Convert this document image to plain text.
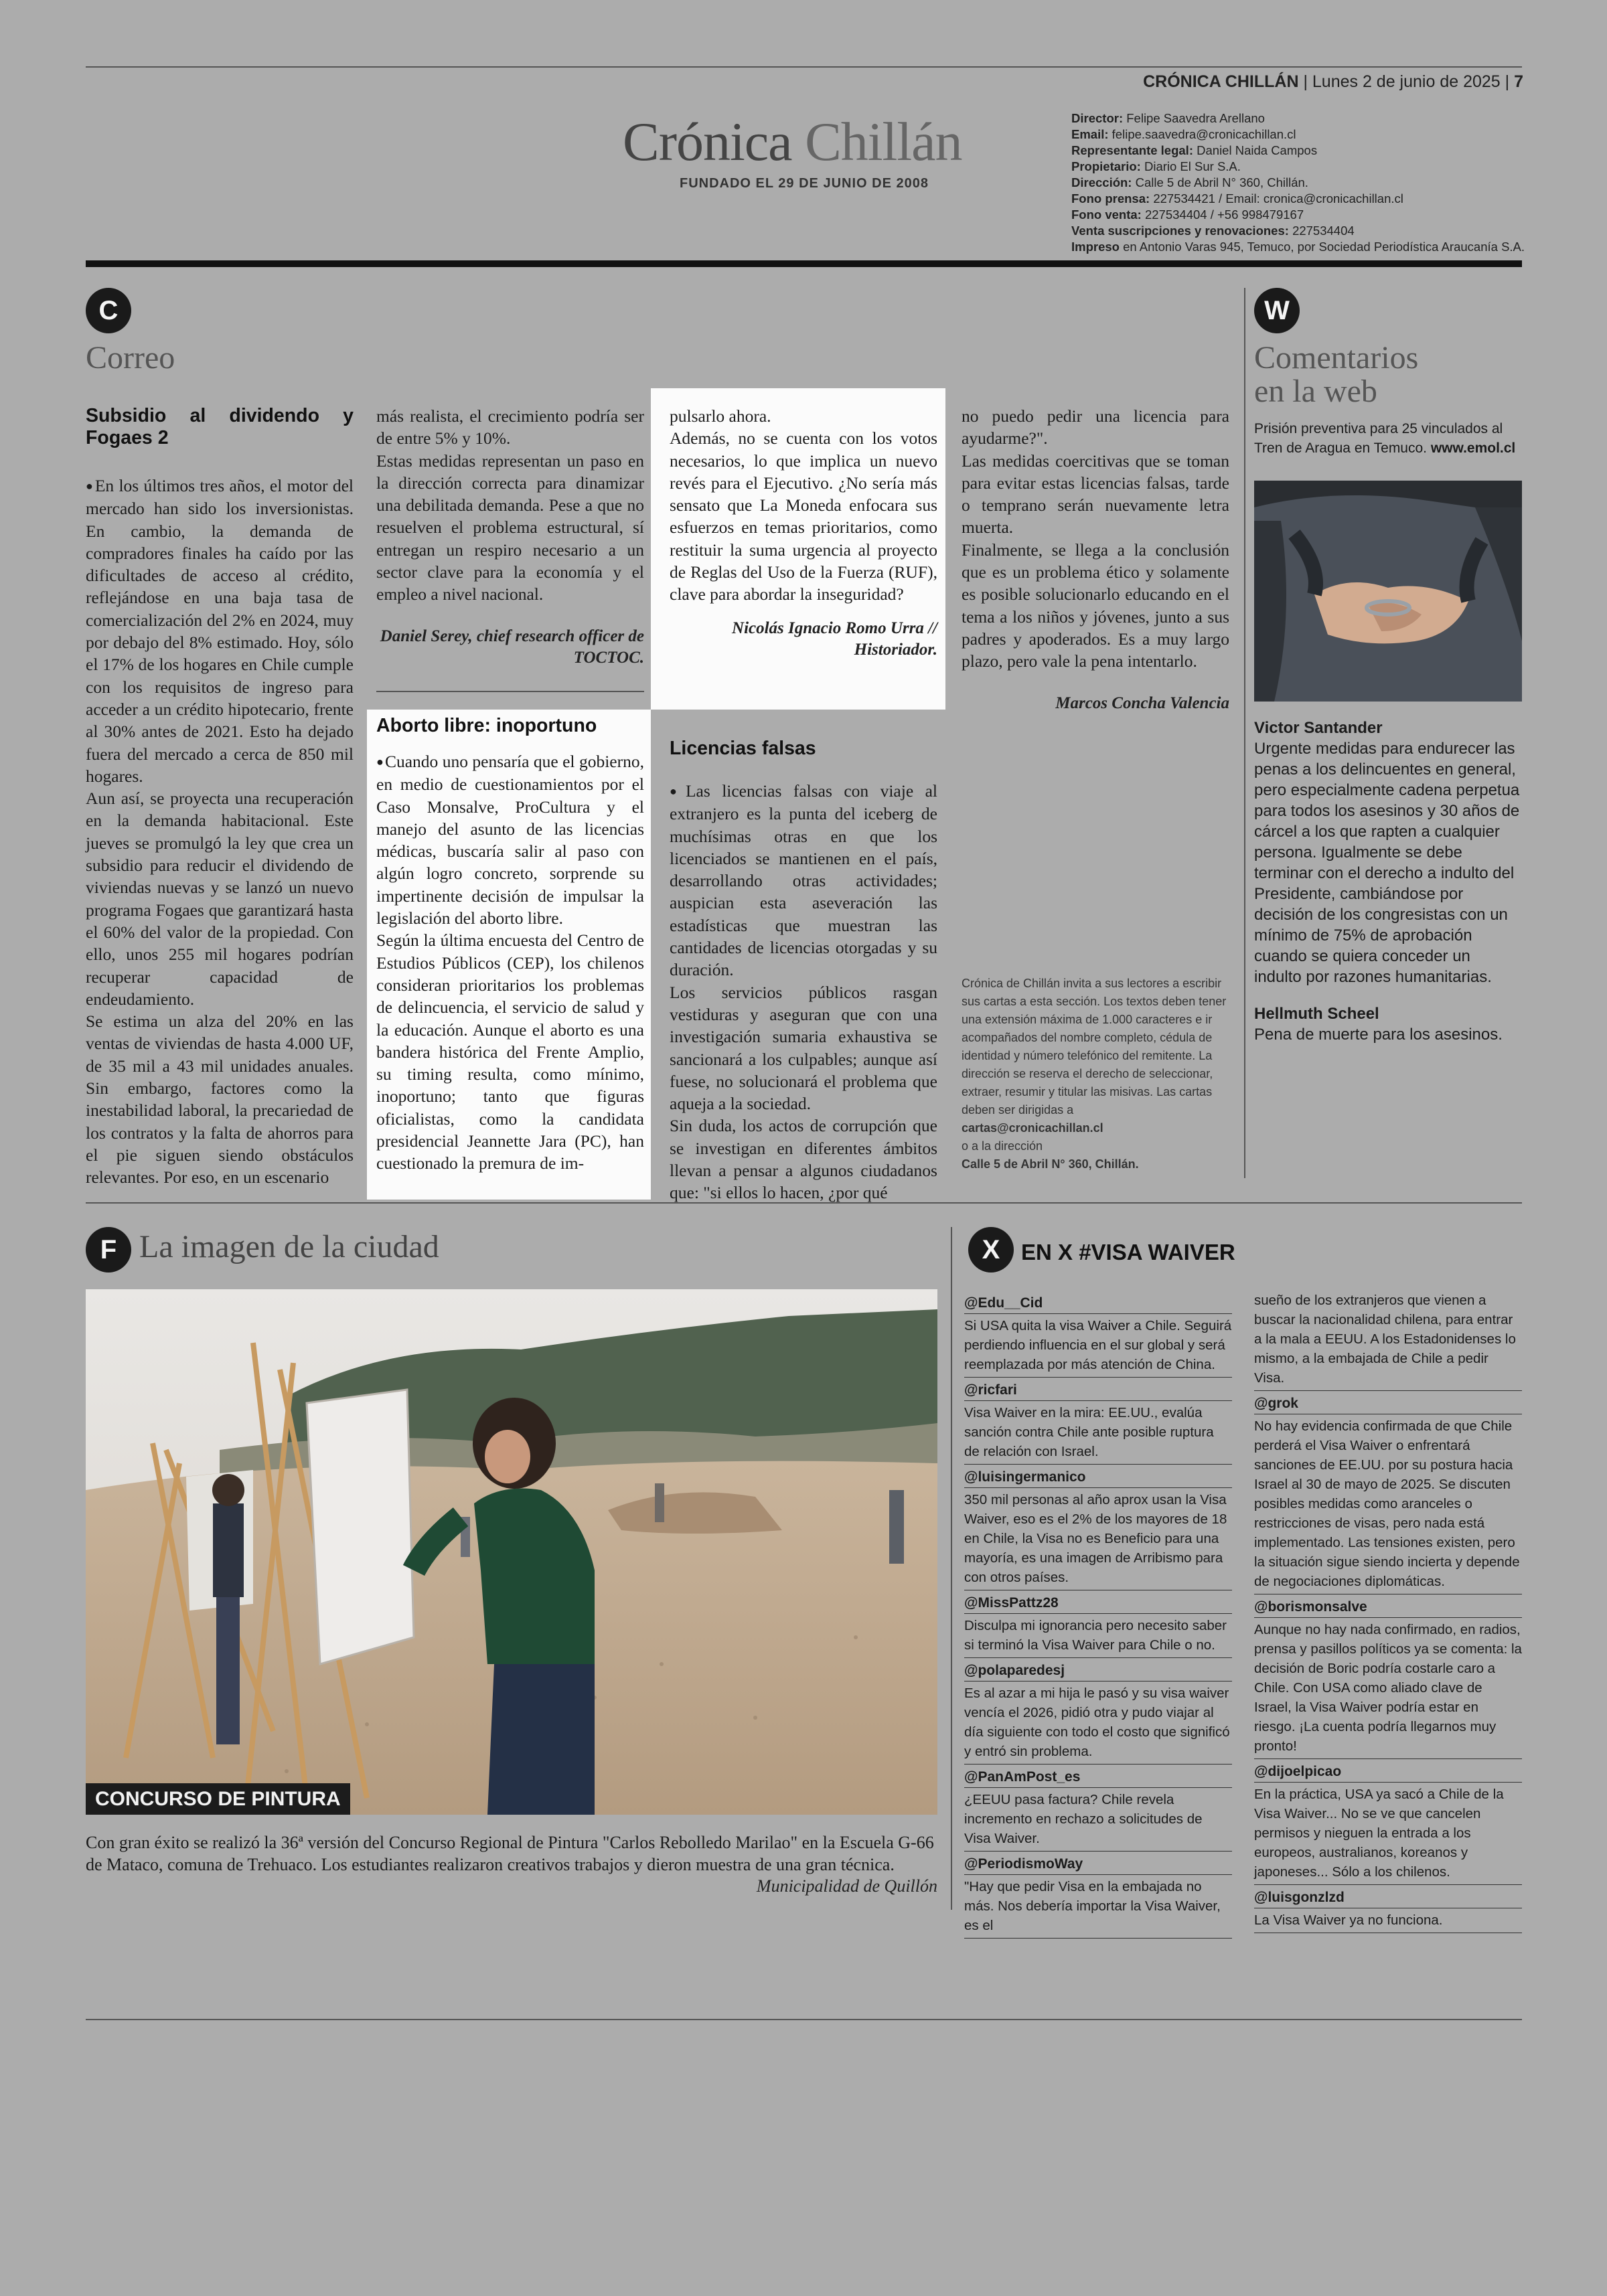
CRÓNICA CHILLÁN | Lunes 2 de junio de 2025 | 7
Crónica Chillán
FUNDADO EL 29 DE JUNIO DE 2008
Director: Felipe Saavedra Arellano
Email: felipe.saavedra@cronicachillan.cl
Representante legal: Daniel Naida Campos
Propietario: Diario El Sur S.A.
Dirección: Calle 5 de Abril N° 360, Chillán.
Fono prensa: 227534421 / Email: cronica@cronicachillan.cl
Fono venta: 227534404 / +56 998479167
Venta suscripciones y renovaciones: 227534404
Impreso en Antonio Varas 945, Temuco, por Sociedad Periodística Araucanía S.A.
C
Correo
Subsidio al dividendo y Fogaes 2

● En los últimos tres años, el motor del mercado han sido los inversionistas. En cambio, la demanda de compradores finales ha caído por las dificultades de acceso al crédito, reflejándose en una baja tasa de comercialización del 2% en 2024, muy por debajo del 8% estimado. Hoy, sólo el 17% de los hogares en Chile cumple con los requisitos de ingreso para acceder a un crédito hipotecario, frente al 30% antes de 2021. Esto ha dejado fuera del mercado a cerca de 850 mil hogares.

Aun así, se proyecta una recuperación en la demanda habitacional. Este jueves se promulgó la ley que crea un subsidio para reducir el dividendo de viviendas nuevas y se lanzó un nuevo programa Fogaes que garantizará hasta el 60% del valor de la propiedad. Con ello, unos 255 mil hogares podrían recuperar capacidad de endeudamiento.

Se estima un alza del 20% en las ventas de viviendas de hasta 4.000 UF, de 35 mil a 43 mil unidades anuales. Sin embargo, factores como la inestabilidad laboral, la precariedad de los contratos y la falta de ahorros para el pie siguen siendo obstáculos relevantes. Por eso, en un escenario

más realista, el crecimiento podría ser de entre 5% y 10%.

Estas medidas representan un paso en la dirección correcta para dinamizar una debilitada demanda. Pese a que no resuelven el problema estructural, sí entregan un respiro necesario a un sector clave para la economía y el empleo a nivel nacional.

Daniel Serey, chief research officer de TOCTOC.

Aborto libre: inoportuno

● Cuando uno pensaría que el gobierno, en medio de cuestionamientos por el Caso Monsalve, ProCultura y el manejo del asunto de las licencias médicas, buscaría salir al paso con algún logro concreto, sorprende su impertinente decisión de impulsar la legislación del aborto libre.

Según la última encuesta del Centro de Estudios Públicos (CEP), los chilenos consideran prioritarios los problemas de delincuencia, el servicio de salud y la educación. Aunque el aborto es una bandera histórica del Frente Amplio, su timing resulta, como mínimo, inoportuno; tanto que figuras oficialistas, como la candidata presidencial Jeannette Jara (PC), han cuestionado la premura de im-

pulsarlo ahora.

Además, no se cuenta con los votos necesarios, lo que implica un nuevo revés para el Ejecutivo. ¿No sería más sensato que La Moneda enfocara sus esfuerzos en temas prioritarios, como restituir la suma urgencia al proyecto de Reglas del Uso de la Fuerza (RUF), clave para abordar la inseguridad?

Nicolás Ignacio Romo Urra // Historiador.

Licencias falsas

● Las licencias falsas con viaje al extranjero es la punta del iceberg de muchísimas otras en que los licenciados se mantienen en el país, desarrollando otras actividades; auspician esta aseveración las estadísticas que muestran las cantidades de licencias otorgadas y su duración.

Los servicios públicos rasgan vestiduras y aseguran que con una investigación sumaria exhaustiva se sancionará a los culpables; aunque así fuese, no solucionará el problema que aqueja a la sociedad.

Sin duda, los actos de corrupción que se investigan en diferentes ámbitos llevan a pensar a algunos ciudadanos que: "si ellos lo hacen, ¿por qué

no puedo pedir una licencia para ayudarme?".

Las medidas coercitivas que se toman para evitar estas licencias falsas, tarde o temprano serán nuevamente letra muerta.

Finalmente, se llega a la conclusión que es un problema ético y solamente es posible solucionarlo educando en el tema a los niños y jóvenes, junto a sus padres y apoderados. Es a muy largo plazo, pero vale la pena intentarlo.

Marcos Concha Valencia

Crónica de Chillán invita a sus lectores a escribir sus cartas a esta sección. Los textos deben tener una extensión máxima de 1.000 caracteres e ir acompañados del nombre completo, cédula de identidad y número telefónico del remitente. La dirección se reserva el derecho de seleccionar, extraer, resumir y titular las misivas. Las cartas deben ser dirigidas a
cartas@cronicachillan.cl
o a la dirección
Calle 5 de Abril N° 360, Chillán.
W
Comentarios
en la web
Prisión preventiva para 25 vinculados al Tren de Aragua en Temuco. www.emol.cl
Victor Santander
Urgente medidas para endurecer las penas a los delincuentes en general, pero especialmente cadena perpetua para todos los asesinos y 30 años de cárcel a los que rapten a cualquier persona. Igualmente se debe terminar con el derecho a indulto del Presidente, cambiándose por decisión de los congresistas con un mínimo de 75% de aprobación cuando se quiera conceder un indulto por razones humanitarias.
Hellmuth Scheel
Pena de muerte para los asesinos.
F La imagen de la ciudad
CONCURSO DE PINTURA
Con gran éxito se realizó la 36ª versión del Concurso Regional de Pintura "Carlos Rebolledo Marilao" en la Escuela G-66 de Mataco, comuna de Trehuaco. Los estudiantes realizaron creativos trabajos y dieron muestra de una gran técnica.
Municipalidad de Quillón
X EN X #VISA WAIVER
@Edu__Cid
Si USA quita la visa Waiver a Chile. Seguirá perdiendo influencia en el sur global y será reemplazada por más atención de China.
@ricfari
Visa Waiver en la mira: EE.UU., evalúa sanción contra Chile ante posible ruptura de relación con Israel.
@luisingermanico
350 mil personas al año aprox usan la Visa Waiver, eso es el 2% de los mayores de 18 en Chile, la Visa no es Beneficio para una mayoría, es una imagen de Arribismo para con otros países.
@MissPattz28
Disculpa mi ignorancia pero necesito saber si terminó la Visa Waiver para Chile o no.
@polaparedesj
Es al azar a mi hija le pasó y su visa waiver vencía el 2026, pidió otra y pudo viajar al día siguiente con todo el costo que significó y entró sin problema.
@PanAmPost_es
¿EEUU pasa factura? Chile revela incremento en rechazo a solicitudes de Visa Waiver.
@PeriodismoWay
"Hay que pedir Visa en la embajada no más. Nos debería importar la Visa Waiver, es el
sueño de los extranjeros que vienen a buscar la nacionalidad chilena, para entrar a la mala a EEUU. A los Estadonidenses lo mismo, a la embajada de Chile a pedir Visa.
@grok
No hay evidencia confirmada de que Chile perderá el Visa Waiver o enfrentará sanciones de EE.UU. por su postura hacia Israel al 30 de mayo de 2025. Se discuten posibles medidas como aranceles o restricciones de visas, pero nada está implementado. Las tensiones existen, pero la situación sigue siendo incierta y depende de negociaciones diplomáticas.
@borismonsalve
Aunque no hay nada confirmado, en radios, prensa y pasillos políticos ya se comenta: la decisión de Boric podría costarle caro a Chile. Con USA como aliado clave de Israel, la Visa Waiver podría estar en riesgo. ¡La cuenta podría llegarnos muy pronto!
@dijoelpicao
En la práctica, USA ya sacó a Chile de la Visa Waiver... No se ve que cancelen permisos y nieguen la entrada a los europeos, australianos, koreanos y japoneses... Sólo a los chilenos.
@luisgonzlzd
La Visa Waiver ya no funciona.
